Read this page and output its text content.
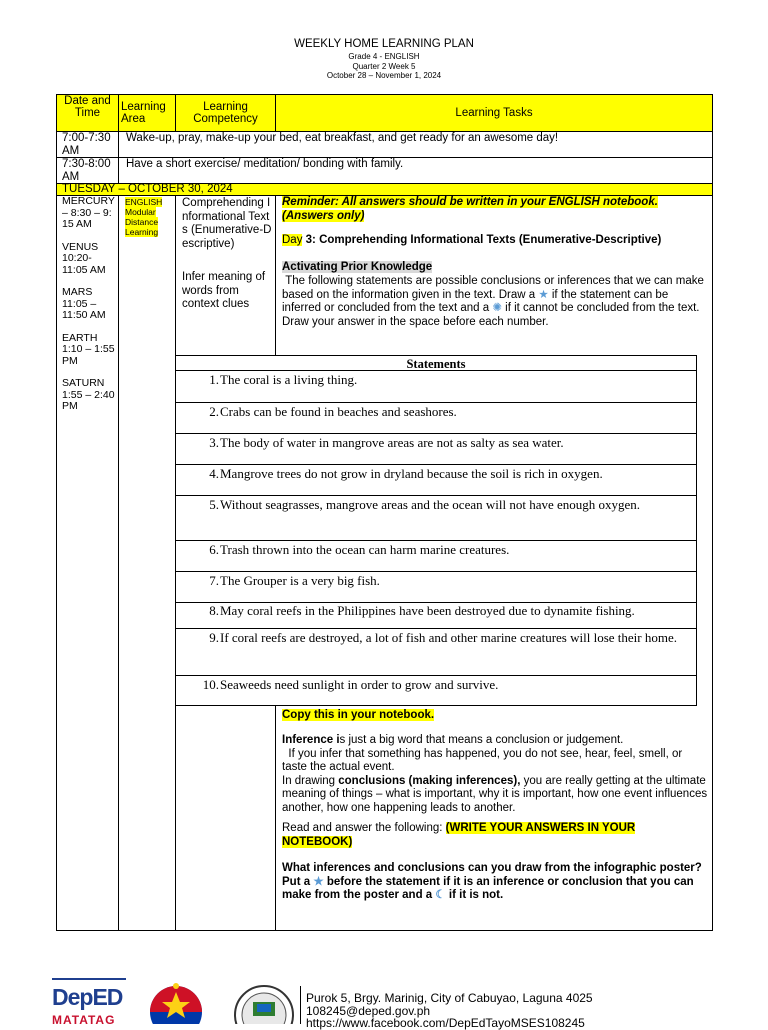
WEEKLY HOME LEARNING PLAN
Grade 4 - ENGLISH
Quarter 2 Week 5
October 28 – November 1, 2024
Date and Time	Learning Area
Learning Competency	Learning Tasks
7:00-7:30 AM
Wake-up, pray, make-up your bed, eat breakfast, and get ready for an awesome day!
7:30-8:00 AM
Have a short exercise/ meditation/ bonding with family.
TUESDAY – OCTOBER 30, 2024
MERCURY – 8:30 – 9:15 AM
VENUS
10:20-11:05 AM
MARS
11:05 – 11:50 AM
EARTH
1:10 – 1:55 PM
SATURN
1:55 – 2:40 PM
ENGLISH
Modular
Distance
Learning
Comprehending Informational Texts (Enumerative-Descriptive)
Infer meaning of words from context clues
Reminder: All answers should be written in your ENGLISH notebook. (Answers only)
Day 3: Comprehending Informational Texts (Enumerative-Descriptive)
Activating Prior Knowledge
The following statements are possible conclusions or inferences that we can make based on the information given in the text. Draw a ★ if the statement can be inferred or concluded from the text and a ✺ if it cannot be concluded from the text. Draw your answer in the space before each number.
Statements
1. The coral is a living thing.
2. Crabs can be found in beaches and seashores.
3. The body of water in mangrove areas are not as salty as sea water.
4. Mangrove trees do not grow in dryland because the soil is rich in oxygen.
5. Without seagrasses, mangrove areas and the ocean will not have enough oxygen.
6. Trash thrown into the ocean can harm marine creatures.
7. The Grouper is a very big fish.
8. May coral reefs in the Philippines have been destroyed due to dynamite fishing.
9. If coral reefs are destroyed, a lot of fish and other marine creatures will lose their home.
10. Seaweeds need sunlight in order to grow and survive.
Copy this in your notebook.
Inference is just a big word that means a conclusion or judgement.
If you infer that something has happened, you do not see, hear, feel, smell, or taste the actual event.
In drawing conclusions (making inferences), you are really getting at the ultimate meaning of things – what is important, why it is important, how one event influences another, how one happening leads to another.
Read and answer the following: (WRITE YOUR ANSWERS IN YOUR NOTEBOOK)
What inferences and conclusions can you draw from the infographic poster? Put a ★ before the statement if it is an inference or conclusion that you can make from the poster and a ☾ if it is not.
DepED
MATATAG
Purok 5, Brgy. Marinig, City of Cabuyao, Laguna 4025
108245@deped.gov.ph
https://www.facebook.com/DepEdTayoMSES108245
